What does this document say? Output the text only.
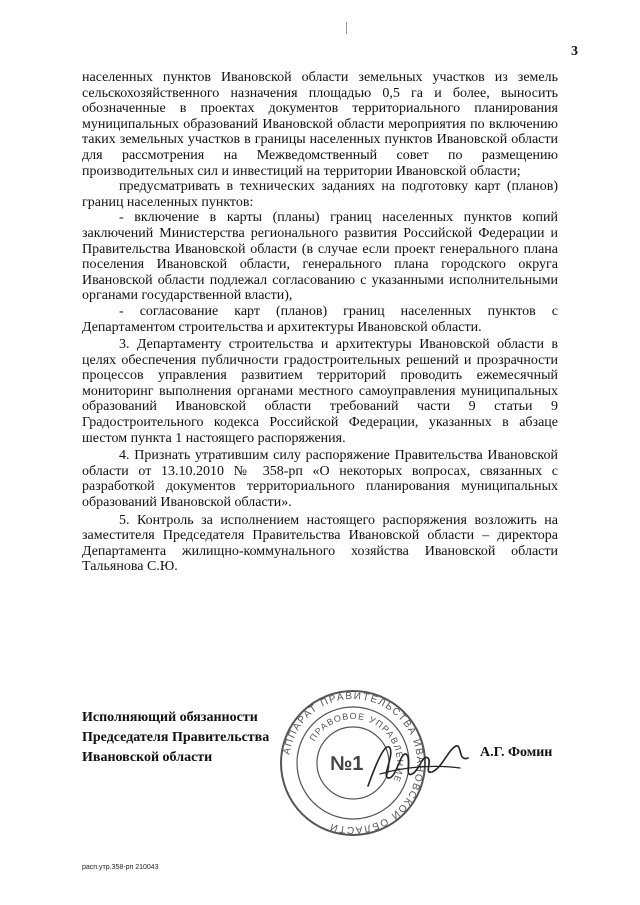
3

населенных пунктов Ивановской области земельных участков из земель сельскохозяйственного назначения площадью 0,5 га и более, выносить обозначенные в проектах документов территориального планирования муниципальных образований Ивановской области мероприятия по включению таких земельных участков в границы населенных пунктов Ивановской области для рассмотрения на Межведомственный совет по размещению производительных сил и инвестиций на территории Ивановской области;

предусматривать в технических заданиях на подготовку карт (планов) границ населенных пунктов:

- включение в карты (планы) границ населенных пунктов копий заключений Министерства регионального развития Российской Федерации и Правительства Ивановской области (в случае если проект генерального плана поселения Ивановской области, генерального плана городского округа Ивановской области подлежал согласованию с указанными исполнительными органами государственной власти),

- согласование карт (планов) границ населенных пунктов с Департаментом строительства и архитектуры Ивановской области.

3. Департаменту строительства и архитектуры Ивановской области в целях обеспечения публичности градостроительных решений и прозрачности процессов управления развитием территорий проводить ежемесячный мониторинг выполнения органами местного самоуправления муниципальных образований Ивановской области требований части 9 статьи 9 Градостроительного кодекса Российской Федерации, указанных в абзаце шестом пункта 1 настоящего распоряжения.

4. Признать утратившим силу распоряжение Правительства Ивановской области от 13.10.2010 № 358-рп «О некоторых вопросах, связанных с разработкой документов территориального планирования муниципальных образований Ивановской области».

5. Контроль за исполнением настоящего распоряжения возложить на заместителя Председателя Правительства Ивановской области – директора Департамента жилищно-коммунального хозяйства Ивановской области Тальянова С.Ю.

Исполняющий обязанности
Председателя Правительства
Ивановской области	АППАРАТ ПРАВИТЕЛЬСТВА ИВАНОВСКОЙ ОБЛАСТИ
ПРАВОВОЕ УПРАВЛЕНИЕ
№1
А.Г. Фомин
расп.утр.358-рп 210043
